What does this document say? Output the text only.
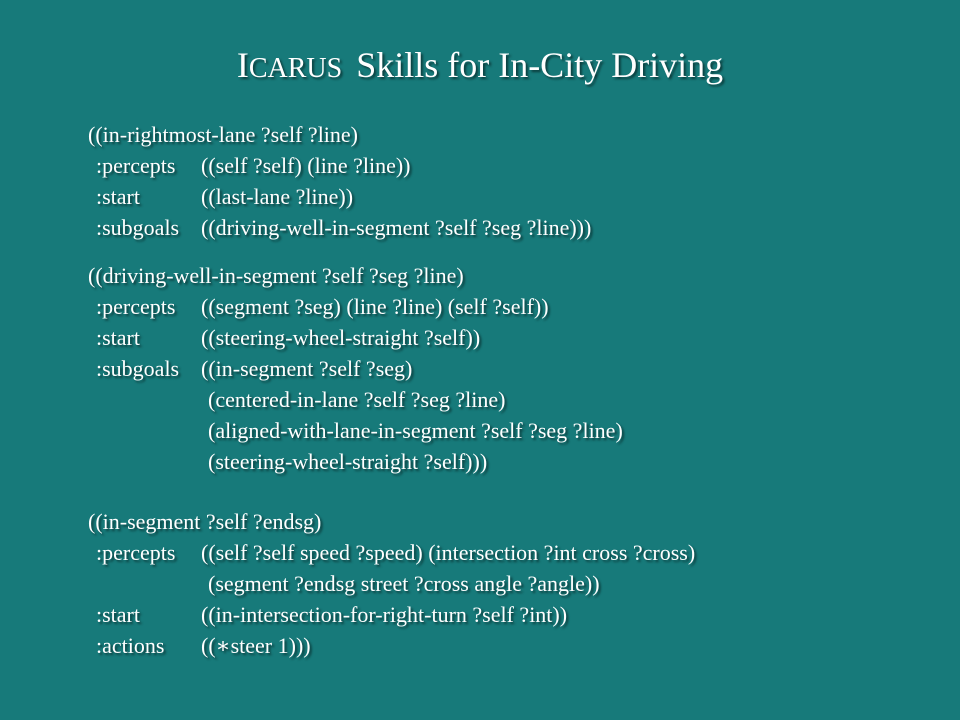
ICARUS Skills for In-City Driving
((in-rightmost-lane ?self ?line)
:percepts ((self ?self) (line ?line))
:start	((last-lane ?line))
:subgoals ((driving-well-in-segment ?self ?seg ?line)))
((driving-well-in-segment ?self ?seg ?line)
:percepts ((segment ?seg) (line ?line) (self ?self))
:start	((steering-wheel-straight ?self))
:subgoals ((in-segment ?self ?seg)
(centered-in-lane ?self ?seg ?line)
(aligned-with-lane-in-segment ?self ?seg ?line)
(steering-wheel-straight ?self)))
((in-segment ?self ?endsg)
:percepts ((self ?self speed ?speed) (intersection ?int cross ?cross)
(segment ?endsg street ?cross angle ?angle))
:start	((in-intersection-for-right-turn ?self ?int))
:actions ((∗steer 1)))
